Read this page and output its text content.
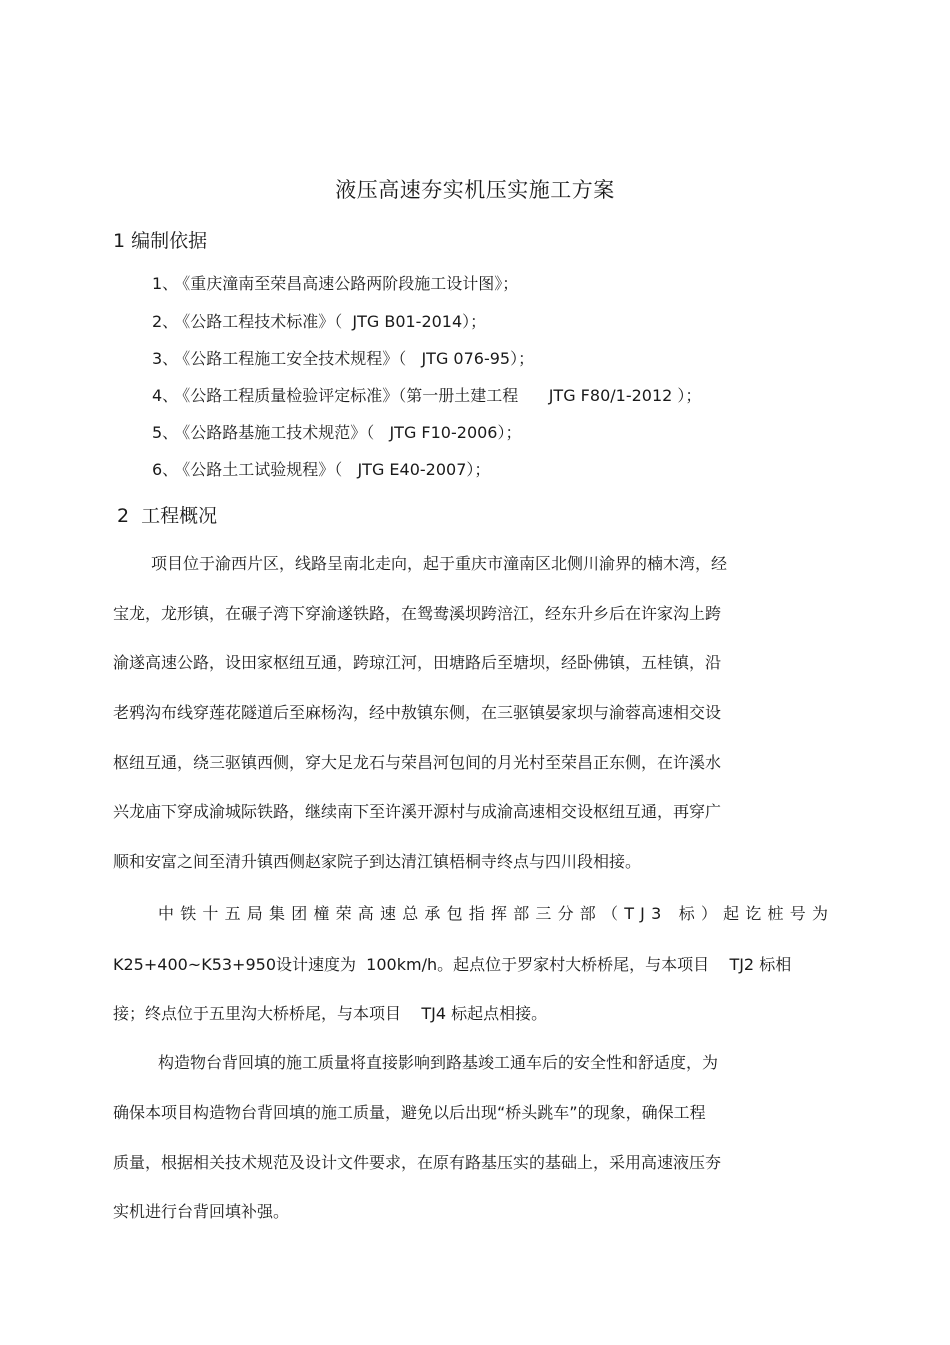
液压高速夯实机压实施工方案
1 编制依据
1、 《重庆潼南至荣昌高速公路两阶段施工设计图》；
2、 《公路工程技术标准》（  JTG B01-2014）；
3、 《公路工程施工安全技术规程》（   JTG 076-95）；
4、 《公路工程质量检验评定标准》（第一册土建工程      JTG F80/1-2012 ）；
5、 《公路路基施工技术规范》（   JTG F10-2006）；
6、 《公路土工试验规程》（   JTG E40-2007）；
2  工程概况
项目位于渝西片区，线路呈南北走向，起于重庆市潼南区北侧川渝界的楠木湾，经
宝龙，龙形镇，在碾子湾下穿渝遂铁路，在鸳鸯溪坝跨涪江，经东升乡后在许家沟上跨
渝遂高速公路，设田家枢纽互通，跨琼江河，田塘路后至塘坝，经卧佛镇，五桂镇，沿
老鸦沟布线穿莲花隧道后至麻杨沟，经中敖镇东侧，在三驱镇晏家坝与渝蓉高速相交设
枢纽互通，绕三驱镇西侧，穿大足龙石与荣昌河包间的月光村至荣昌正东侧，在许溪水
兴龙庙下穿成渝城际铁路，继续南下至许溪开源村与成渝高速相交设枢纽互通，再穿广
顺和安富之间至清升镇西侧赵家院子到达清江镇梧桐寺终点与四川段相接。
中铁十五局集团橦荣高速总承包指挥部三分部（TJ3 标）起讫桩号为
K25+400~K53+950设计速度为  100km/h。起点位于罗家村大桥桥尾，与本项目    TJ2 标相
接；终点位于五里沟大桥桥尾，与本项目    TJ4 标起点相接。
构造物台背回填的施工质量将直接影响到路基竣工通车后的安全性和舒适度，为
确保本项目构造物台背回填的施工质量，避免以后出现“桥头跳车”的现象，确保工程
质量，根据相关技术规范及设计文件要求，在原有路基压实的基础上，采用高速液压夯
实机进行台背回填补强。
